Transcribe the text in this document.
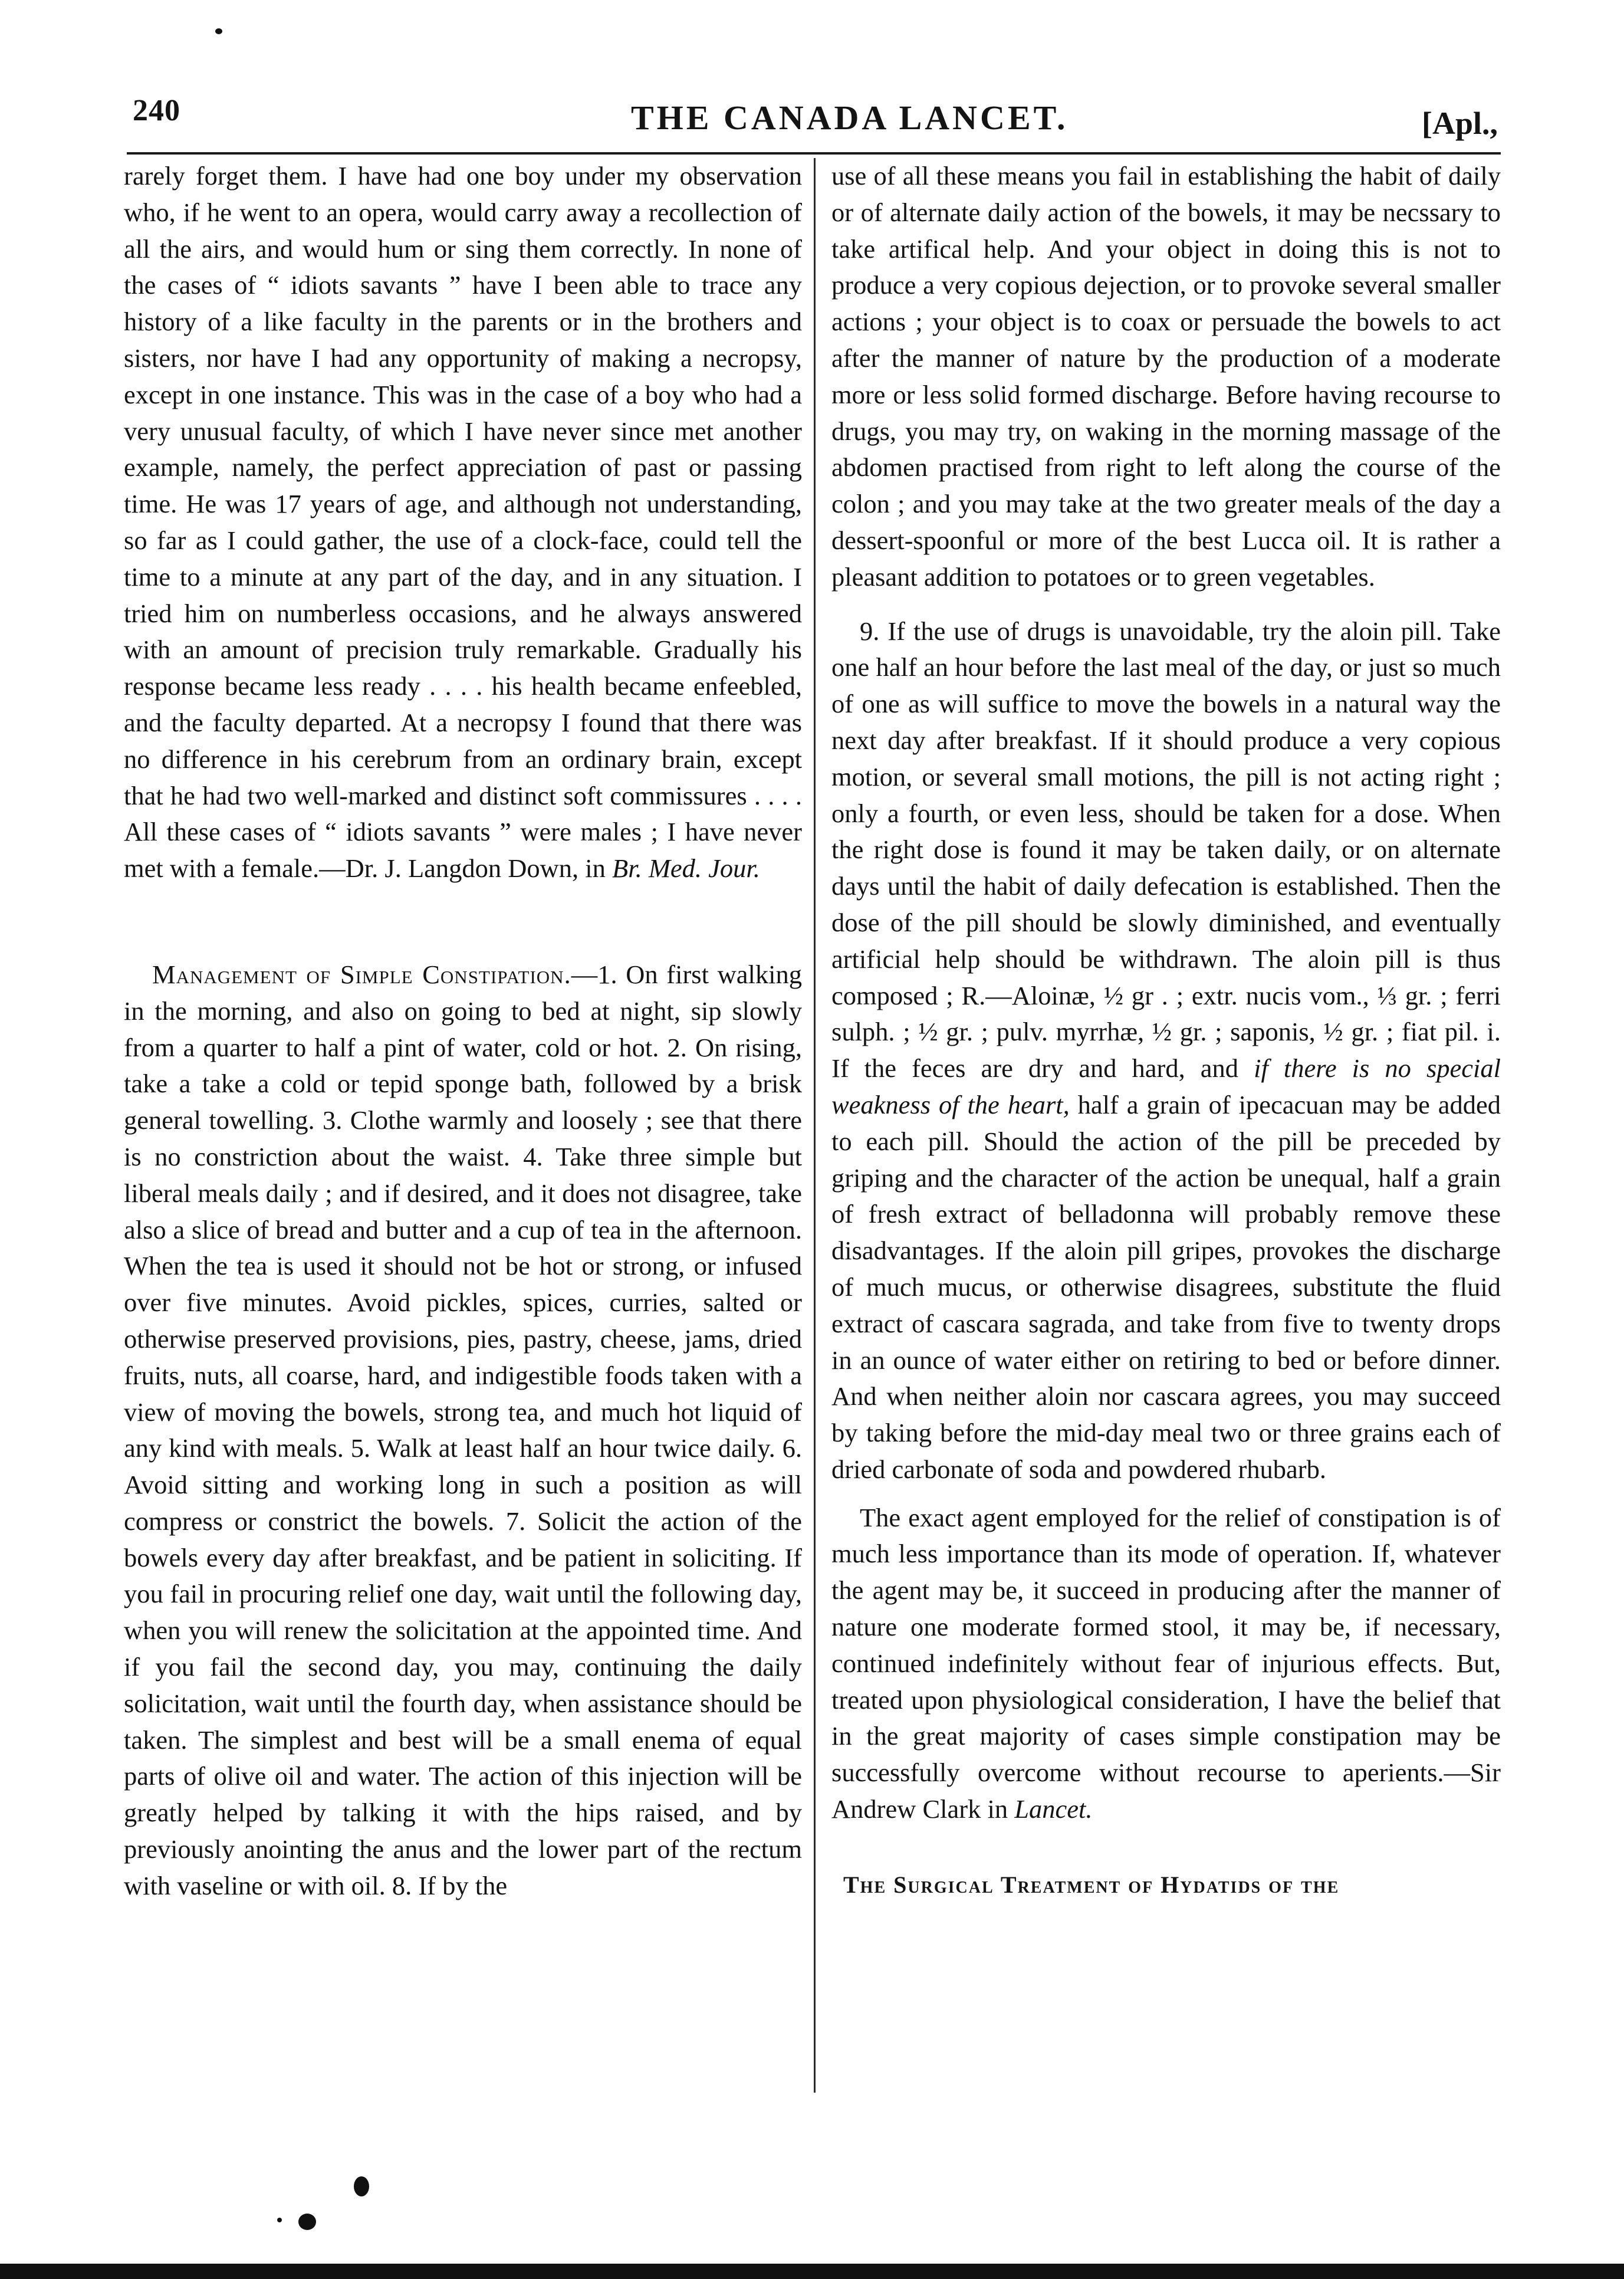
240	THE CANADA LANCET.	[Apl.,

rarely forget them. I have had one boy under my observation who, if he went to an opera, would carry away a recollection of all the airs, and would hum or sing them correctly. In none of the cases of “ idiots savants ” have I been able to trace any history of a like faculty in the parents or in the brothers and sisters, nor have I had any opportunity of making a necropsy, except in one instance. This was in the case of a boy who had a very unusual faculty, of which I have never since met another example, namely, the perfect appreciation of past or passing time. He was 17 years of age, and although not understanding, so far as I could gather, the use of a clock-face, could tell the time to a minute at any part of the day, and in any situation. I tried him on numberless occasions, and he always answered with an amount of precision truly remarkable. Gradually his response became less ready . . . . his health became enfeebled, and the faculty departed. At a necropsy I found that there was no difference in his cerebrum from an ordinary brain, except that he had two well-marked and distinct soft commissures . . . . All these cases of “ idiots savants ” were males ; I have never met with a female.—Dr. J. Langdon Down, in Br. Med. Jour.

Management of Simple Constipation.—1. On first walking in the morning, and also on going to bed at night, sip slowly from a quarter to half a pint of water, cold or hot. 2. On rising, take a take a cold or tepid sponge bath, followed by a brisk general towelling. 3. Clothe warmly and loosely ; see that there is no constriction about the waist. 4. Take three simple but liberal meals daily ; and if desired, and it does not disagree, take also a slice of bread and butter and a cup of tea in the afternoon. When the tea is used it should not be hot or strong, or infused over five minutes. Avoid pickles, spices, curries, salted or otherwise preserved provisions, pies, pastry, cheese, jams, dried fruits, nuts, all coarse, hard, and indigestible foods taken with a view of moving the bowels, strong tea, and much hot liquid of any kind with meals. 5. Walk at least half an hour twice daily. 6. Avoid sitting and working long in such a position as will compress or constrict the bowels. 7. Solicit the action of the bowels every day after breakfast, and be patient in soliciting. If you fail in procuring relief one day, wait until the following day, when you will renew the solicitation at the appointed time. And if you fail the second day, you may, continuing the daily solicitation, wait until the fourth day, when assistance should be taken. The simplest and best will be a small enema of equal parts of olive oil and water. The action of this injection will be greatly helped by talking it with the hips raised, and by previously anointing the anus and the lower part of the rectum with vaseline or with oil. 8. If by the

use of all these means you fail in establishing the habit of daily or of alternate daily action of the bowels, it may be necssary to take artifical help. And your object in doing this is not to produce a very copious dejection, or to provoke several smaller actions ; your object is to coax or persuade the bowels to act after the manner of nature by the production of a moderate more or less solid formed discharge. Before having recourse to drugs, you may try, on waking in the morning massage of the abdomen practised from right to left along the course of the colon ; and you may take at the two greater meals of the day a dessert-spoonful or more of the best Lucca oil. It is rather a pleasant addition to potatoes or to green vegetables.

9. If the use of drugs is unavoidable, try the aloin pill. Take one half an hour before the last meal of the day, or just so much of one as will suffice to move the bowels in a natural way the next day after breakfast. If it should produce a very copious motion, or several small motions, the pill is not acting right ; only a fourth, or even less, should be taken for a dose. When the right dose is found it may be taken daily, or on alternate days until the habit of daily defecation is established. Then the dose of the pill should be slowly diminished, and eventually artificial help should be withdrawn. The aloin pill is thus composed ; R.—Aloinæ, ½ gr . ; extr. nucis vom., ⅓ gr. ; ferri sulph. ; ½ gr. ; pulv. myrrhæ, ½ gr. ; saponis, ½ gr. ; fiat pil. i. If the feces are dry and hard, and if there is no special weakness of the heart, half a grain of ipecacuan may be added to each pill. Should the action of the pill be preceded by griping and the character of the action be unequal, half a grain of fresh extract of belladonna will probably remove these disadvantages. If the aloin pill gripes, provokes the discharge of much mucus, or otherwise disagrees, substitute the fluid extract of cascara sagrada, and take from five to twenty drops in an ounce of water either on retiring to bed or before dinner. And when neither aloin nor cascara agrees, you may succeed by taking before the mid-day meal two or three grains each of dried carbonate of soda and powdered rhubarb.

The exact agent employed for the relief of constipation is of much less importance than its mode of operation. If, whatever the agent may be, it succeed in producing after the manner of nature one moderate formed stool, it may be, if necessary, continued indefinitely without fear of injurious effects. But, treated upon physiological consideration, I have the belief that in the great majority of cases simple constipation may be successfully overcome without recourse to aperients.—Sir Andrew Clark in Lancet.

The Surgical Treatment of Hydatids of the
